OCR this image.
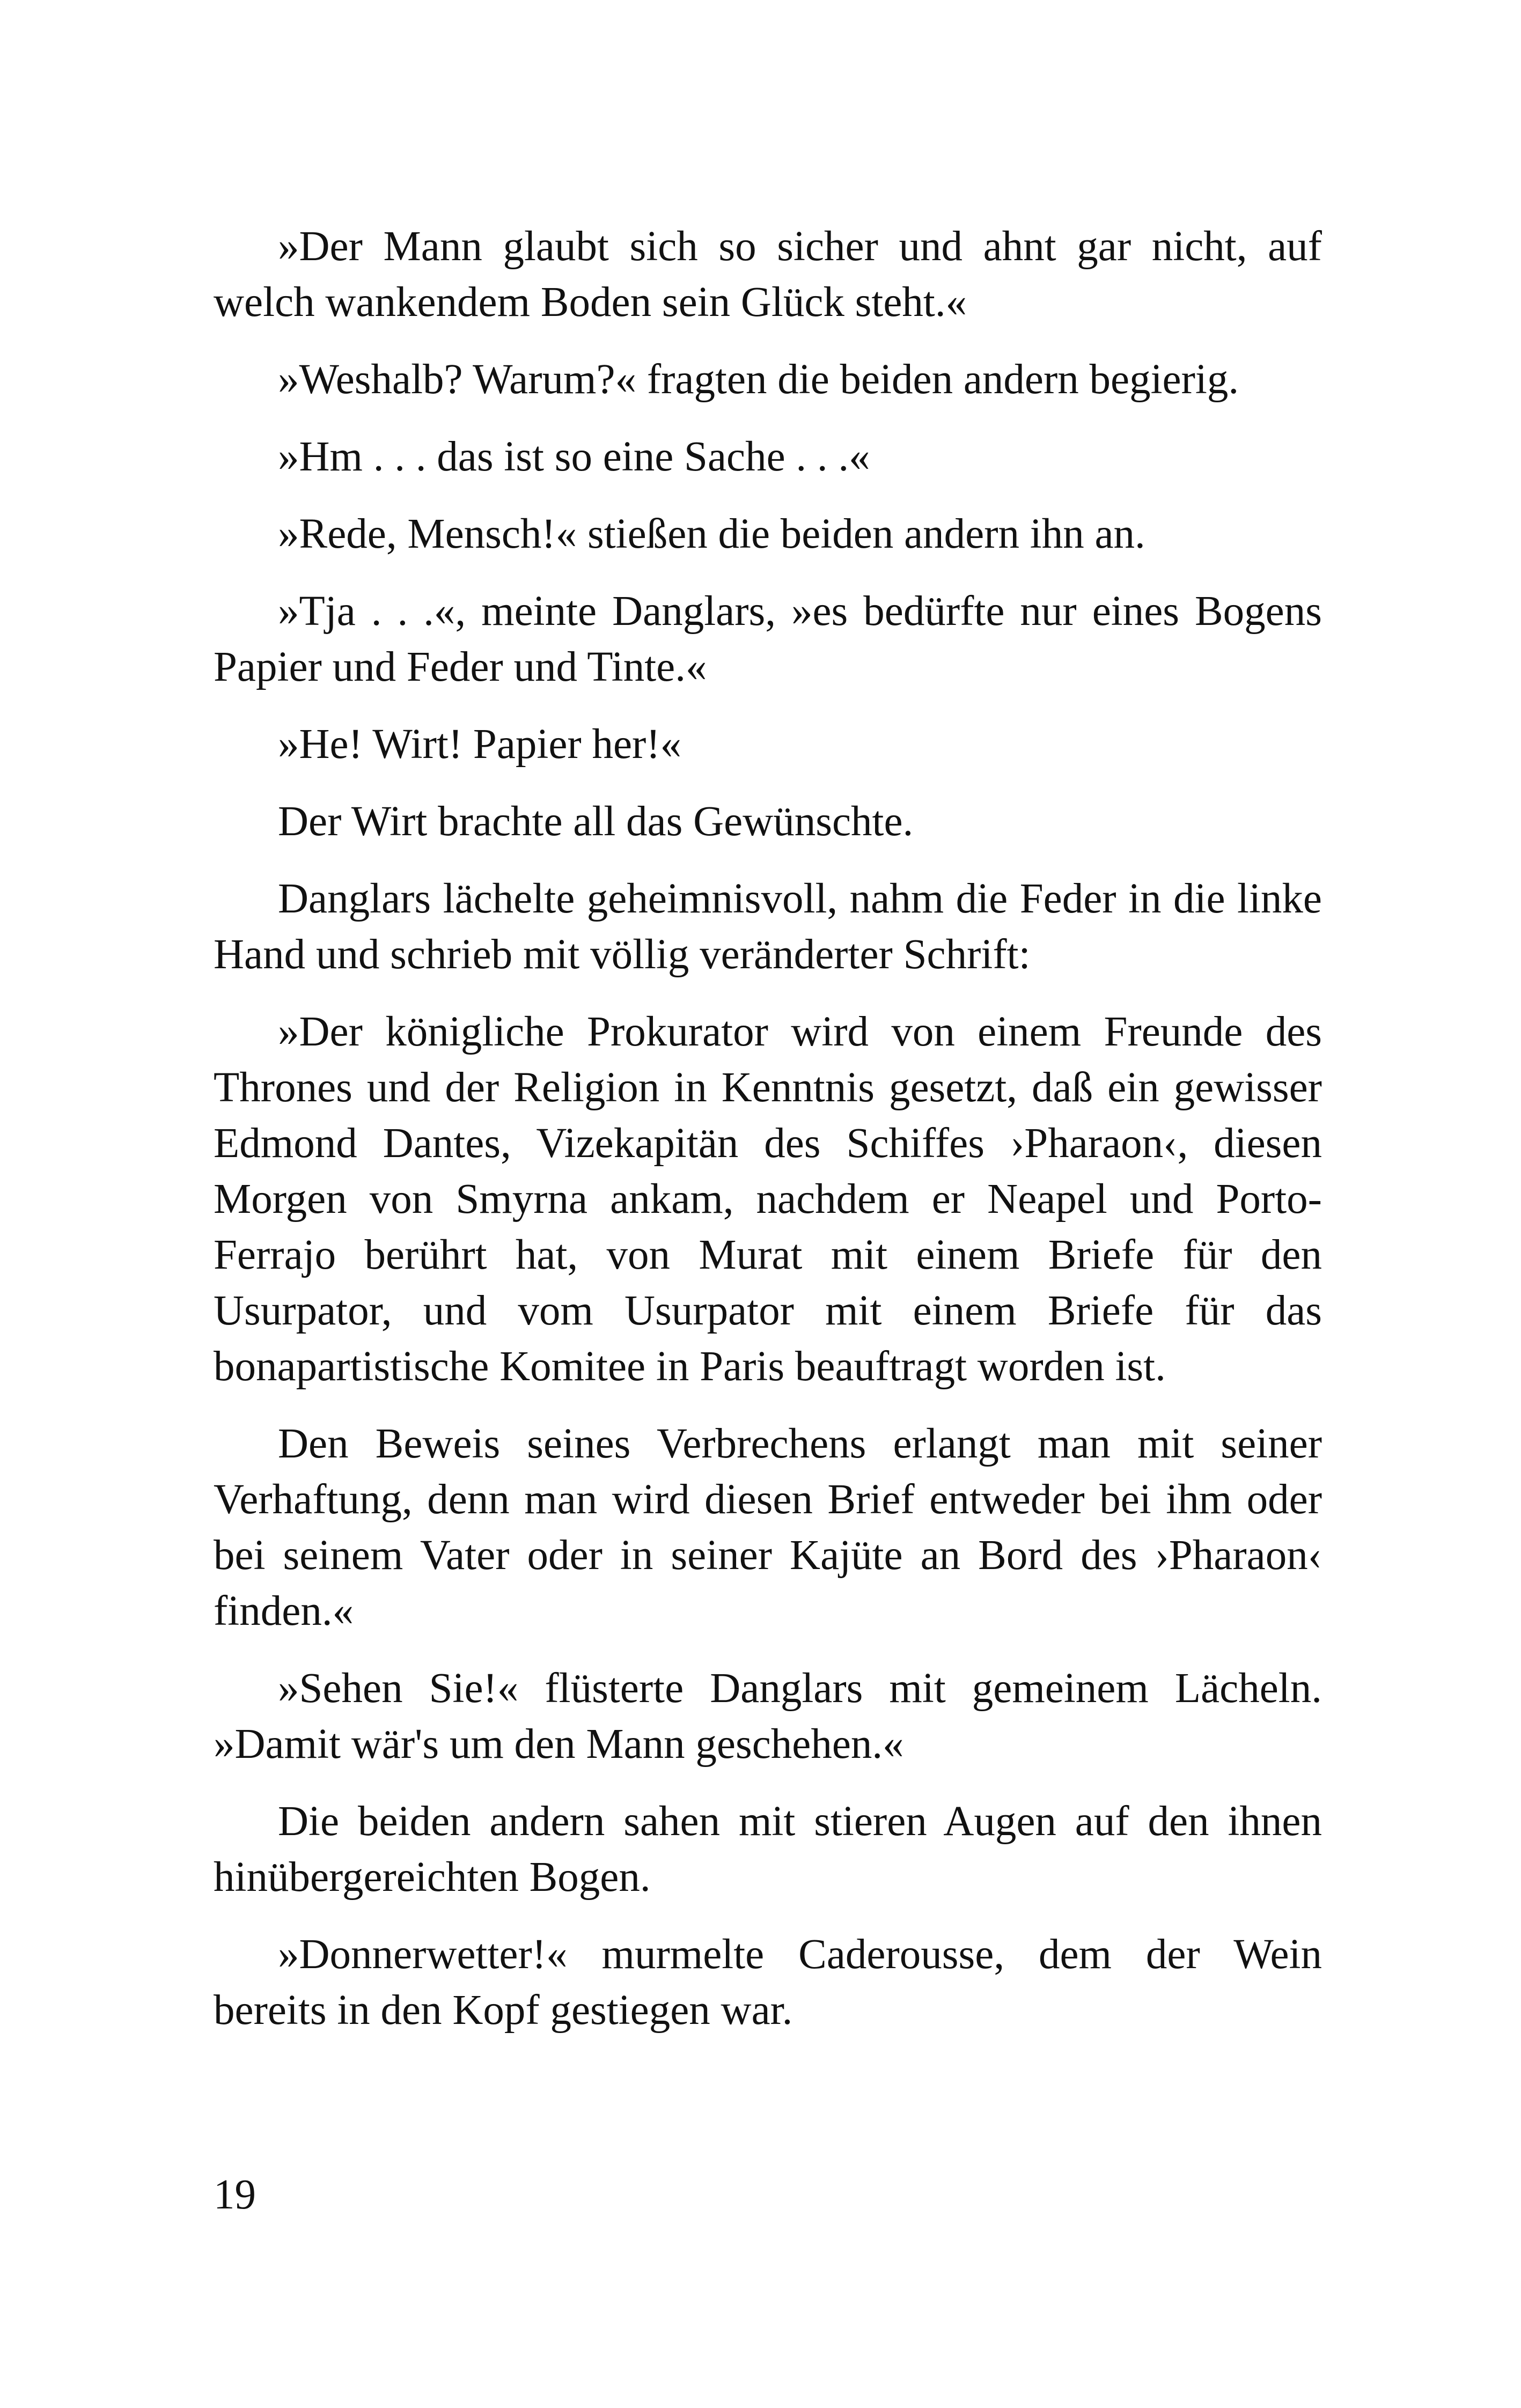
»Der Mann glaubt sich so sicher und ahnt gar nicht, auf welch wankendem Boden sein Glück steht.«

»Weshalb? Warum?« fragten die beiden andern begierig.

»Hm . . . das ist so eine Sache . . .«

»Rede, Mensch!« stießen die beiden andern ihn an.

»Tja . . .«, meinte Danglars, »es bedürfte nur eines Bogens Papier und Feder und Tinte.«

»He! Wirt! Papier her!«

Der Wirt brachte all das Gewünschte.

Danglars lächelte geheimnisvoll, nahm die Feder in die linke Hand und schrieb mit völlig veränderter Schrift:

»Der königliche Prokurator wird von einem Freunde des Thrones und der Religion in Kenntnis gesetzt, daß ein gewisser Edmond Dantes, Vizekapitän des Schiffes ›Pharaon‹, diesen Morgen von Smyrna ankam, nachdem er Neapel und Porto-Ferrajo berührt hat, von Murat mit einem Briefe für den Usurpator, und vom Usurpator mit einem Briefe für das bonapartistische Komitee in Paris beauftragt worden ist.

Den Beweis seines Verbrechens erlangt man mit seiner Verhaftung, denn man wird diesen Brief entweder bei ihm oder bei seinem Vater oder in seiner Kajüte an Bord des ›Pharaon‹ finden.«

»Sehen Sie!« flüsterte Danglars mit gemeinem Lächeln. »Damit wär's um den Mann geschehen.«

Die beiden andern sahen mit stieren Augen auf den ihnen hinübergereichten Bogen.

»Donnerwetter!« murmelte Caderousse, dem der Wein bereits in den Kopf gestiegen war.

19
